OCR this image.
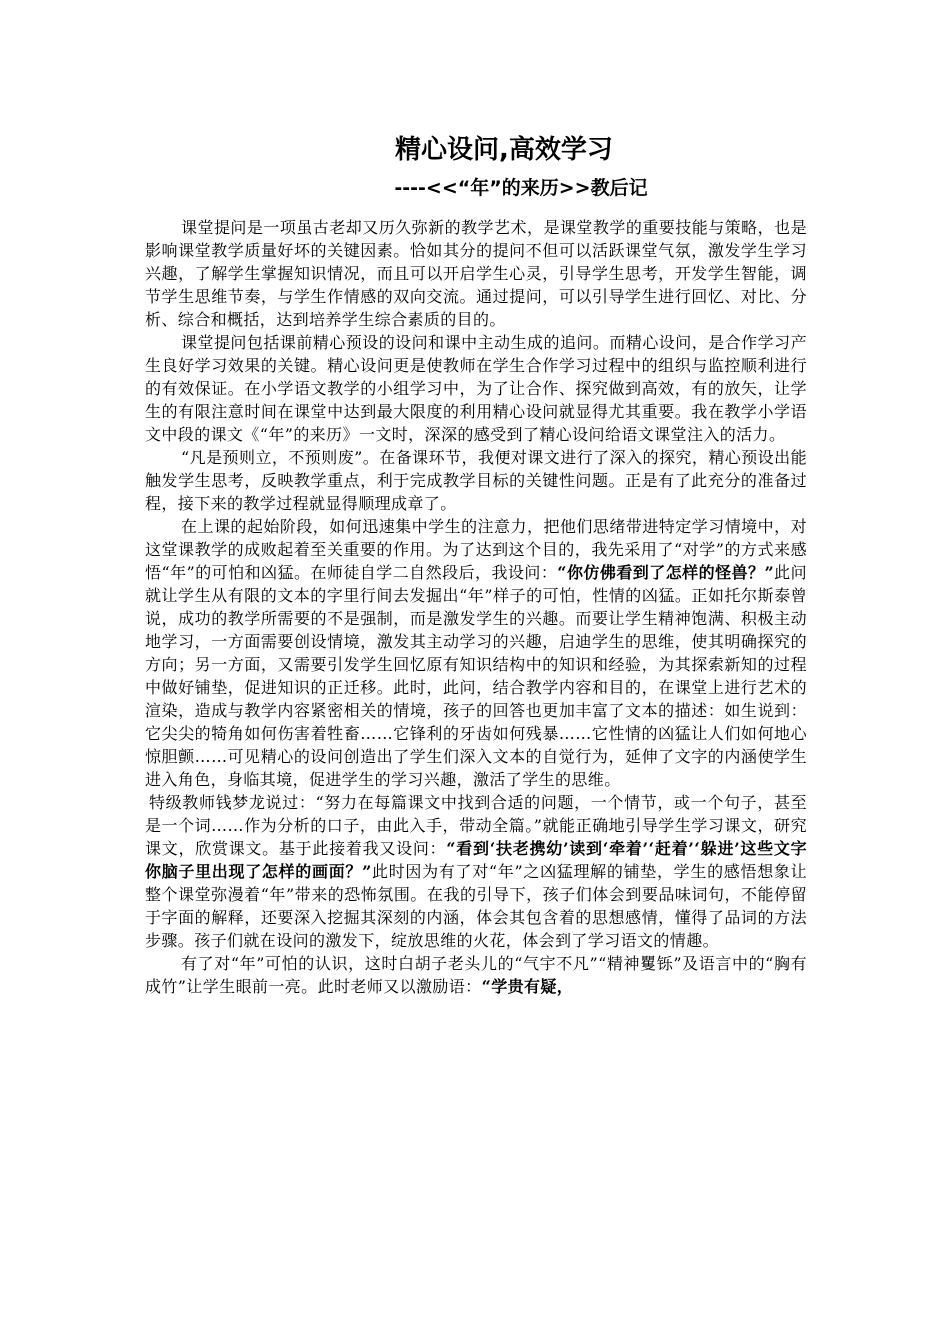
精心设问,高效学习
----<<“年”的来历>>教后记

课堂提问是一项虽古老却又历久弥新的教学艺术，是课堂教学的重要技能与策略，也是影响课堂教学质量好坏的关键因素。恰如其分的提问不但可以活跃课堂气氛，激发学生学习兴趣，了解学生掌握知识情况，而且可以开启学生心灵，引导学生思考，开发学生智能，调节学生思维节奏，与学生作情感的双向交流。通过提问，可以引导学生进行回忆、对比、分析、综合和概括，达到培养学生综合素质的目的。

课堂提问包括课前精心预设的设问和课中主动生成的追问。而精心设问，是合作学习产生良好学习效果的关键。精心设问更是使教师在学生合作学习过程中的组织与监控顺利进行的有效保证。在小学语文教学的小组学习中，为了让合作、探究做到高效，有的放矢，让学生的有限注意时间在课堂中达到最大限度的利用精心设问就显得尤其重要。我在教学小学语文中段的课文《“年”的来历》一文时，深深的感受到了精心设问给语文课堂注入的活力。

“凡是预则立，不预则废”。在备课环节，我便对课文进行了深入的探究，精心预设出能触发学生思考，反映教学重点，利于完成教学目标的关键性问题。正是有了此充分的准备过程，接下来的教学过程就显得顺理成章了。

在上课的起始阶段，如何迅速集中学生的注意力，把他们思绪带进特定学习情境中，对这堂课教学的成败起着至关重要的作用。为了达到这个目的，我先采用了“对学”的方式来感悟“年”的可怕和凶猛。在师徒自学二自然段后，我设问：“你仿佛看到了怎样的怪兽？”此问就让学生从有限的文本的字里行间去发掘出“年”样子的可怕，性情的凶猛。正如托尔斯泰曾说，成功的教学所需要的不是强制，而是激发学生的兴趣。而要让学生精神饱满、积极主动地学习，一方面需要创设情境，激发其主动学习的兴趣，启迪学生的思维，使其明确探究的方向；另一方面，又需要引发学生回忆原有知识结构中的知识和经验，为其探索新知的过程中做好铺垫，促进知识的正迁移。此时，此问，结合教学内容和目的，在课堂上进行艺术的渲染，造成与教学内容紧密相关的情境，孩子的回答也更加丰富了文本的描述：如生说到：它尖尖的犄角如何伤害着牲畜……它锋利的牙齿如何残暴……它性情的凶猛让人们如何地心惊胆颤……可见精心的设问创造出了学生们深入文本的自觉行为，延伸了文字的内涵使学生进入角色，身临其境，促进学生的学习兴趣，激活了学生的思维。

特级教师钱梦龙说过：“努力在每篇课文中找到合适的问题，一个情节，或一个句子，甚至是一个词……作为分析的口子，由此入手，带动全篇。”就能正确地引导学生学习课文，研究课文，欣赏课文。基于此接着我又设问：“看到‘扶老携幼’读到‘牵着’‘赶着’‘躲进’这些文字你脑子里出现了怎样的画面？”此时因为有了对“年”之凶猛理解的铺垫，学生的感悟想象让整个课堂弥漫着“年”带来的恐怖氛围。在我的引导下，孩子们体会到要品味词句，不能停留于字面的解释，还要深入挖掘其深刻的内涵，体会其包含着的思想感情，懂得了品词的方法步骤。孩子们就在设问的激发下，绽放思维的火花，体会到了学习语文的情趣。

有了对“年”可怕的认识，这时白胡子老头儿的“气宇不凡”“精神矍铄”及语言中的“胸有成竹”让学生眼前一亮。此时老师又以激励语：“学贵有疑，
